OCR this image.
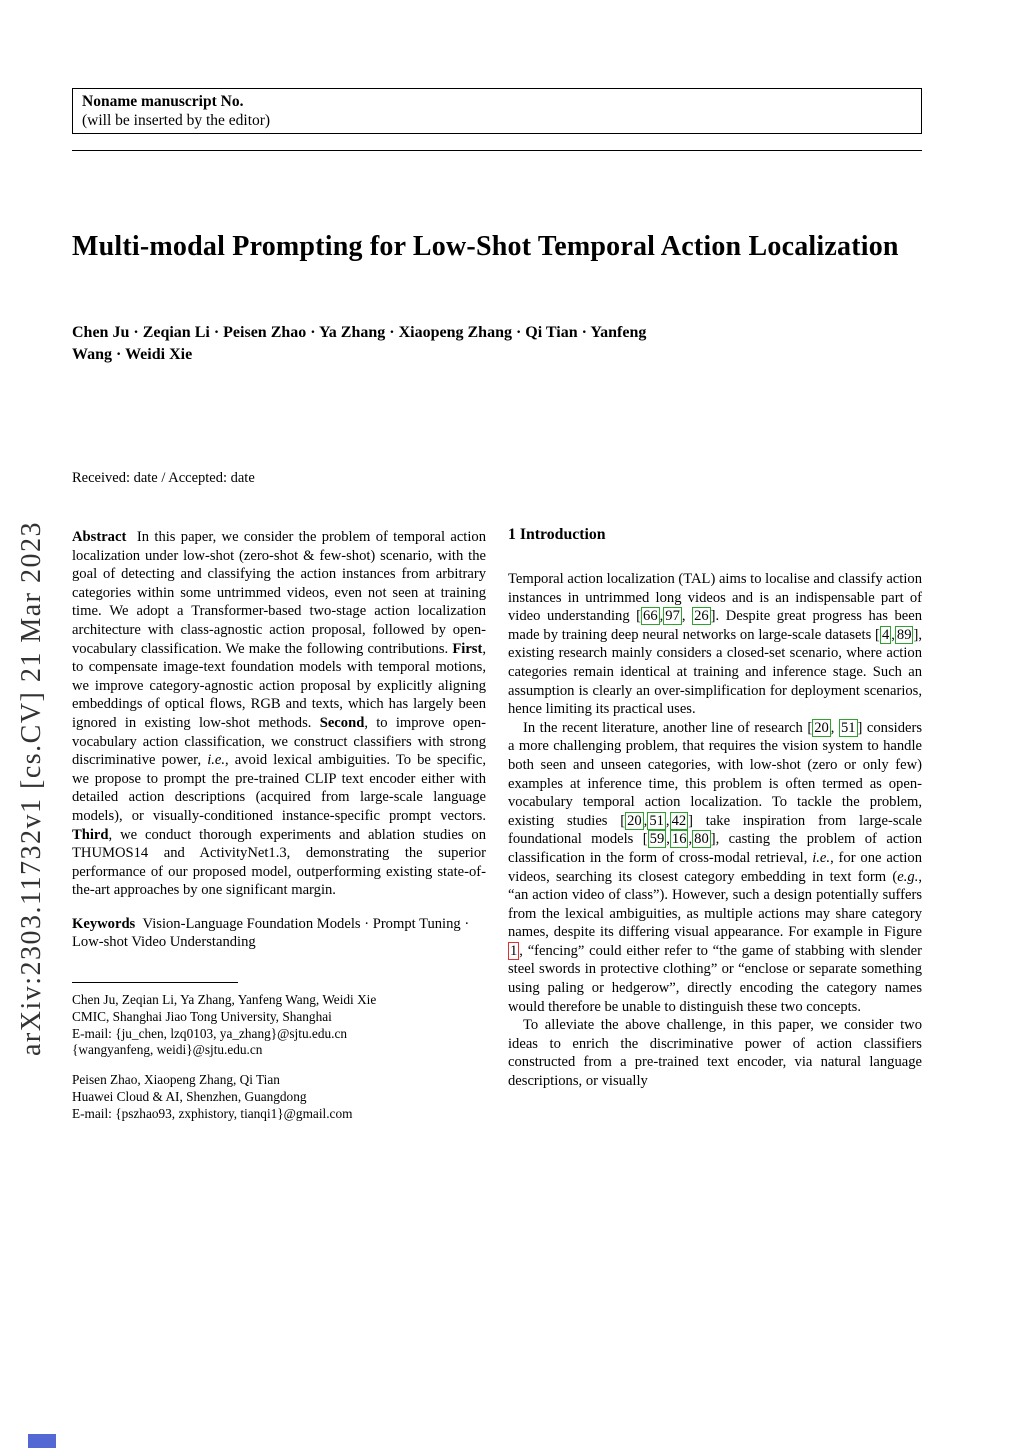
arXiv:2303.11732v1 [cs.CV] 21 Mar 2023
Noname manuscript No.
(will be inserted by the editor)
Multi-modal Prompting for Low-Shot Temporal Action Localization
Chen Ju · Zeqian Li · Peisen Zhao · Ya Zhang · Xiaopeng Zhang · Qi Tian · Yanfeng Wang · Weidi Xie
Received: date / Accepted: date

Abstract  In this paper, we consider the problem of temporal action localization under low-shot (zero-shot & few-shot) scenario, with the goal of detecting and classifying the action instances from arbitrary categories within some untrimmed videos, even not seen at training time. We adopt a Transformer-based two-stage action localization architecture with class-agnostic action proposal, followed by open-vocabulary classification. We make the following contributions. First, to compensate image-text foundation models with temporal motions, we improve category-agnostic action proposal by explicitly aligning embeddings of optical flows, RGB and texts, which has largely been ignored in existing low-shot methods. Second, to improve open-vocabulary action classification, we construct classifiers with strong discriminative power, i.e., avoid lexical ambiguities. To be specific, we propose to prompt the pre-trained CLIP text encoder either with detailed action descriptions (acquired from large-scale language models), or visually-conditioned instance-specific prompt vectors. Third, we conduct thorough experiments and ablation studies on THUMOS14 and ActivityNet1.3, demonstrating the superior performance of our proposed model, outperforming existing state-of-the-art approaches by one significant margin.

Keywords  Vision-Language Foundation Models · Prompt Tuning · Low-shot Video Understanding

Chen Ju, Zeqian Li, Ya Zhang, Yanfeng Wang, Weidi Xie
CMIC, Shanghai Jiao Tong University, Shanghai
E-mail: {ju_chen, lzq0103, ya_zhang}@sjtu.edu.cn
{wangyanfeng, weidi}@sjtu.edu.cn
Peisen Zhao, Xiaopeng Zhang, Qi Tian
Huawei Cloud & AI, Shenzhen, Guangdong
E-mail: {pszhao93, zxphistory, tianqi1}@gmail.com
1 Introduction

Temporal action localization (TAL) aims to localise and classify action instances in untrimmed long videos and is an indispensable part of video understanding [ 66 , 97 , 26 ]. Despite great progress has been made by training deep neural networks on large-scale datasets [ 4 , 89 ], existing research mainly considers a closed-set scenario, where action categories remain identical at training and inference stage. Such an assumption is clearly an over-simplification for deployment scenarios, hence limiting its practical uses.

In the recent literature, another line of research [ 20 , 51 ] considers a more challenging problem, that requires the vision system to handle both seen and unseen categories, with low-shot (zero or only few) examples at inference time, this problem is often termed as open-vocabulary temporal action localization. To tackle the problem, existing studies [ 20 , 51 , 42 ] take inspiration from large-scale foundational models [ 59 , 16 , 80 ], casting the problem of action classification in the form of cross-modal retrieval, i.e., for one action videos, searching its closest category embedding in text form (e.g., “an action video of class”). However, such a design potentially suffers from the lexical ambiguities, as multiple actions may share category names, despite its differing visual appearance. For example in Figure 1 , “fencing” could either refer to “the game of stabbing with slender steel swords in protective clothing” or “enclose or separate something using paling or hedgerow”, directly encoding the category names would therefore be unable to distinguish these two concepts.

To alleviate the above challenge, in this paper, we consider two ideas to enrich the discriminative power of action classifiers constructed from a pre-trained text encoder, via natural language descriptions, or visually
